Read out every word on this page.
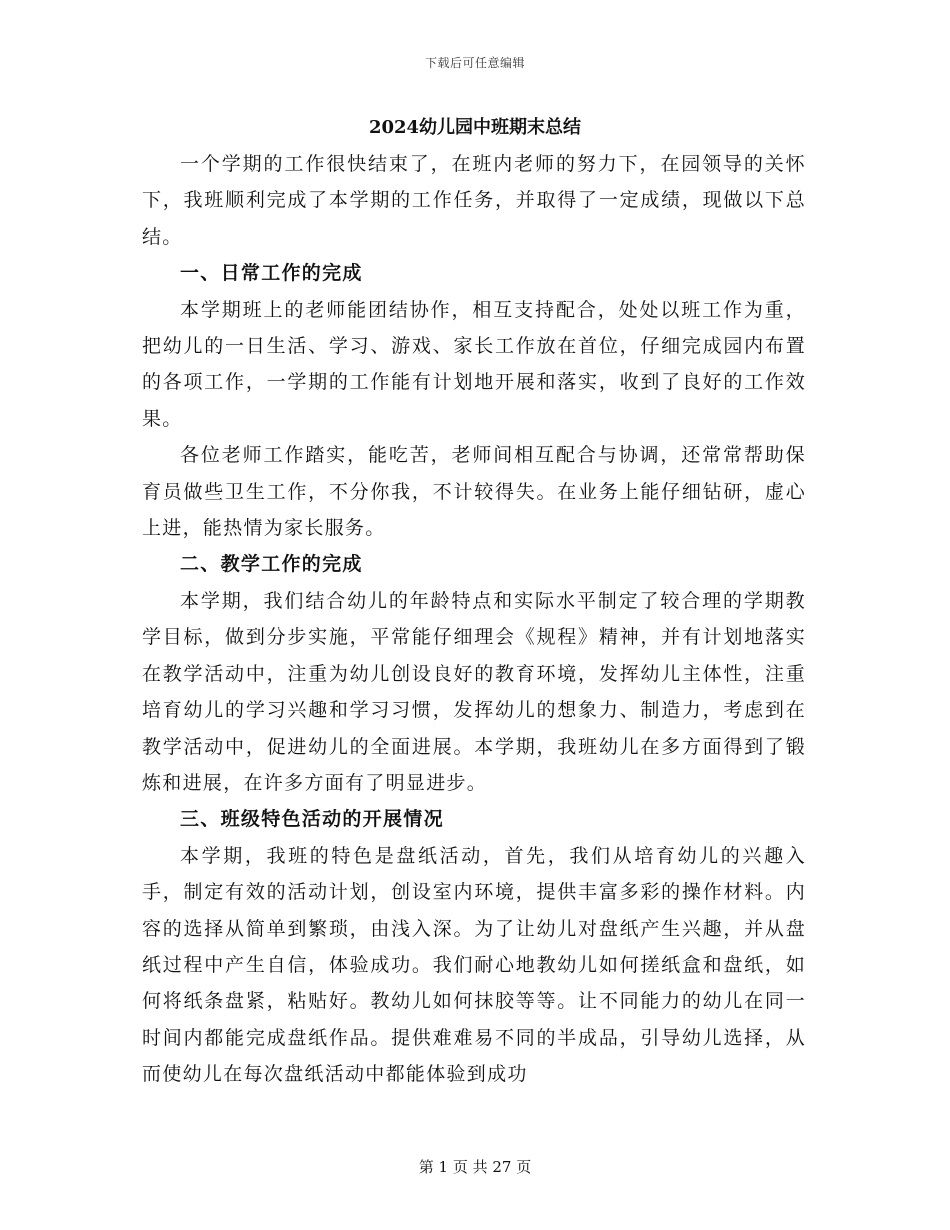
下载后可任意编辑
2024幼儿园中班期末总结

一个学期的工作很快结束了，在班内老师的努力下，在园领导的关怀下，我班顺利完成了本学期的工作任务，并取得了一定成绩，现做以下总结。

一、日常工作的完成

本学期班上的老师能团结协作，相互支持配合，处处以班工作为重，把幼儿的一日生活、学习、游戏、家长工作放在首位，仔细完成园内布置的各项工作，一学期的工作能有计划地开展和落实，收到了良好的工作效果。

各位老师工作踏实，能吃苦，老师间相互配合与协调，还常常帮助保育员做些卫生工作，不分你我，不计较得失。在业务上能仔细钻研，虚心上进，能热情为家长服务。

二、教学工作的完成

本学期，我们结合幼儿的年龄特点和实际水平制定了较合理的学期教学目标，做到分步实施，平常能仔细理会《规程》精神，并有计划地落实在教学活动中，注重为幼儿创设良好的教育环境，发挥幼儿主体性，注重培育幼儿的学习兴趣和学习习惯，发挥幼儿的想象力、制造力，考虑到在教学活动中，促进幼儿的全面进展。本学期，我班幼儿在多方面得到了锻炼和进展，在许多方面有了明显进步。

三、班级特色活动的开展情况

本学期，我班的特色是盘纸活动，首先，我们从培育幼儿的兴趣入手，制定有效的活动计划，创设室内环境，提供丰富多彩的操作材料。内容的选择从简单到繁琐，由浅入深。为了让幼儿对盘纸产生兴趣，并从盘纸过程中产生自信，体验成功。我们耐心地教幼儿如何搓纸盒和盘纸，如何将纸条盘紧，粘贴好。教幼儿如何抹胶等等。让不同能力的幼儿在同一时间内都能完成盘纸作品。提供难难易不同的半成品，引导幼儿选择，从而使幼儿在每次盘纸活动中都能体验到成功

第 1 页 共 27 页
